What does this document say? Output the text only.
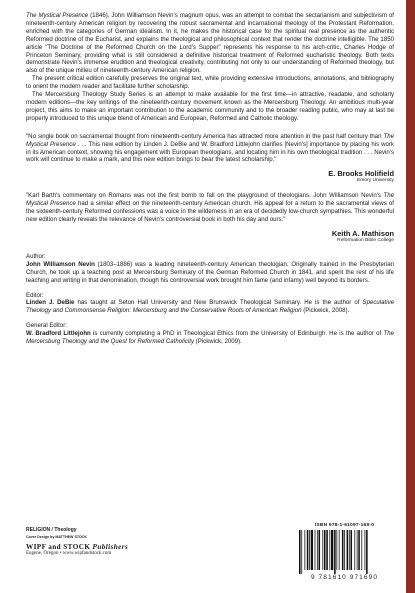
The Mystical Presence (1846), John Williamson Nevin's magnum opus, was an attempt to combat the sectarianism and subjectivism of nineteenth-century American religion by recovering the robust sacramental and incarnational theology of the Protestant Reformation, enriched with the categories of German idealism. In it, he makes the historical case for the spiritual real presence as the authentic Reformed doctrine of the Eucharist, and explains the theological and philosophical context that render the doctrine intelligible. The 1850 article "The Doctrine of the Reformed Church on the Lord's Supper" represents his response to his arch-critic, Charles Hodge of Princeton Seminary, providing what is still considered a definitive historical treatment of Reformed eucharistic theology. Both texts demonstrate Nevin's immense erudition and theological creativity, contributing not only to our understanding of Reformed theology, but also of the unique milieu of nineteenth-century American religion.

The present critical edition carefully preserves the original text, while providing extensive introductions, annotations, and bibliography to orient the modern reader and facilitate further scholarship.

The Mercersburg Theology Study Series is an attempt to make available for the first time—in attractive, readable, and scholarly modern editions—the key writings of the nineteenth-century movement known as the Mercersburg Theology. An ambitious multi-year project, this aims to make an important contribution to the academic community and to the broader reading public, who may at last be properly introduced to this unique blend of American and European, Reformed and Catholic theology.

"No single book on sacramental thought from nineteenth-century America has attracted more attention in the past half century than The Mystical Presence . . . This new edition by Linden J. DeBie and W. Bradford Littlejohn clarifies [Nevin's] importance by placing his work in its American context, showing his engagement with European theologians, and locating him in his own theological tradition . . . Nevin's work will continue to make a mark, and this new edition brings to bear the latest scholarship."

E. Brooks Holifield
Emory University

"Karl Barth's commentary on Romans was not the first bomb to fall on the playground of theologians. John Williamson Nevin's The Mystical Presence had a similar effect on the nineteenth-century American church. His appeal for a return to the sacramental views of the sixteenth-century Reformed confessions was a voice in the wilderness in an era of decidedly low-church sympathies. This wonderful new edition clearly reveals the relevance of Nevin's controversial book in both his day and ours."

Keith A. Mathison
Reformation Bible College
Author:

John Williamson Nevin (1803–1886) was a leading nineteenth-century American theologian. Originally trained in the Presbyterian Church, he took up a teaching post at Mercersburg Seminary of the German Reformed Church in 1841, and spent the rest of his life teaching and writing in that denomination, though his controversial work brought him fame (and infamy) well beyond its borders.

Editor:

Linden J. DeBie has taught at Seton Hall University and New Brunswick Theological Seminary. He is the author of Speculative Theology and Commonsense Religion: Mercersburg and the Conservative Roots of American Religion (Pickwick, 2008).

General Editor:

W. Bradford Littlejohn is currently completing a PhD in Theological Ethics from the University of Edinburgh. He is the author of The Mercersburg Theology and the Quest for Reformed Catholicity (Pickwick, 2009).

RELIGION / Theology
Cover Design by MATTHEW STOCK
WIPF and STOCK Publishers
Eugene, Oregon • www.wipfandstock.com
ISBN 978-1-61097-169-0
9 781610 971690
